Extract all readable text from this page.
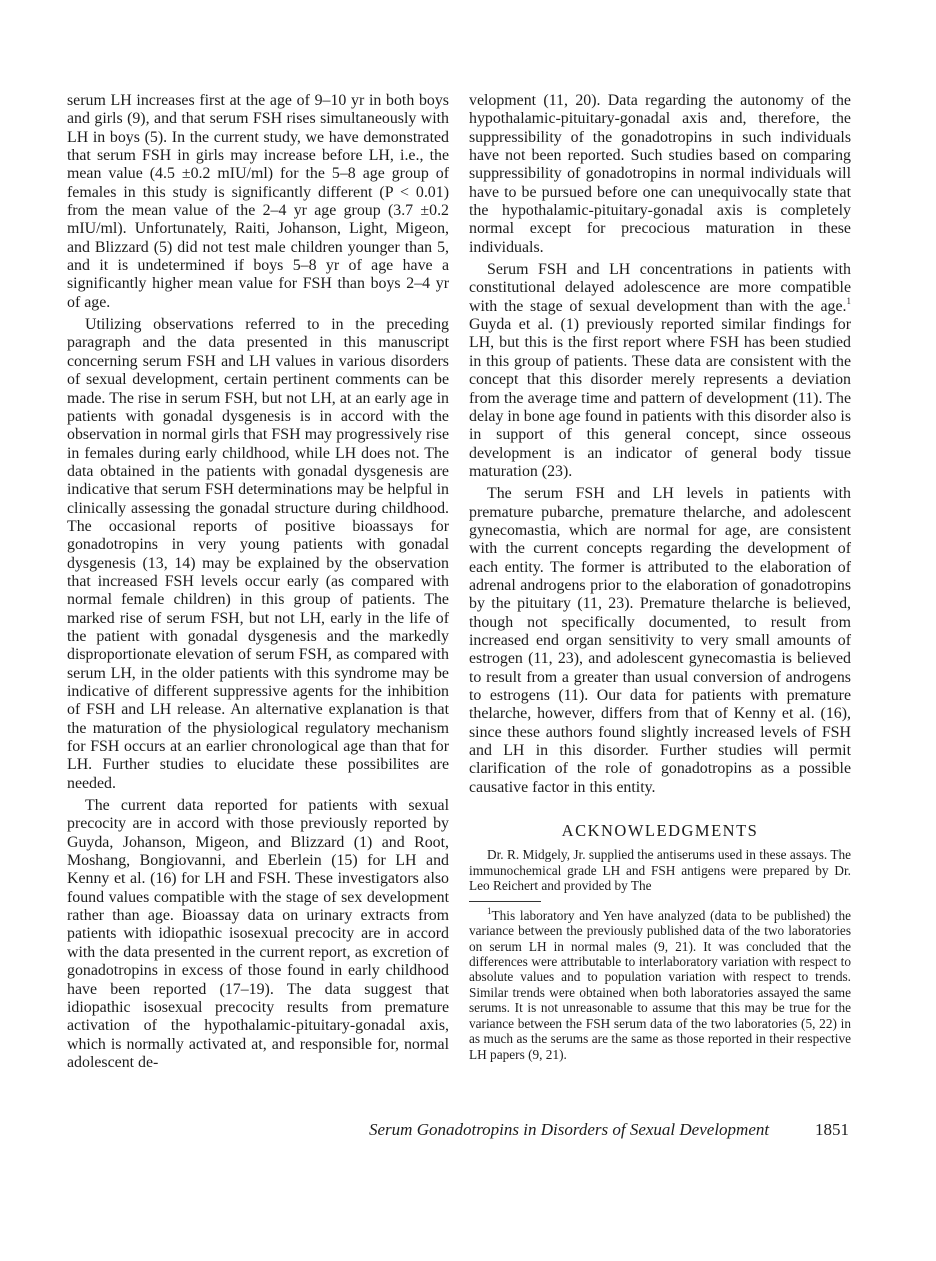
serum LH increases first at the age of 9–10 yr in both boys and girls (9), and that serum FSH rises simultaneously with LH in boys (5). In the current study, we have demonstrated that serum FSH in girls may increase before LH, i.e., the mean value (4.5 ±0.2 mIU/ml) for the 5–8 age group of females in this study is significantly different (P < 0.01) from the mean value of the 2–4 yr age group (3.7 ±0.2 mIU/ml). Unfortunately, Raiti, Johanson, Light, Migeon, and Blizzard (5) did not test male children younger than 5, and it is undetermined if boys 5–8 yr of age have a significantly higher mean value for FSH than boys 2–4 yr of age.

Utilizing observations referred to in the preceding paragraph and the data presented in this manuscript concerning serum FSH and LH values in various disorders of sexual development, certain pertinent comments can be made. The rise in serum FSH, but not LH, at an early age in patients with gonadal dysgenesis is in accord with the observation in normal girls that FSH may progressively rise in females during early childhood, while LH does not. The data obtained in the patients with gonadal dysgenesis are indicative that serum FSH determinations may be helpful in clinically assessing the gonadal structure during childhood. The occasional reports of positive bioassays for gonadotropins in very young patients with gonadal dysgenesis (13, 14) may be explained by the observation that increased FSH levels occur early (as compared with normal female children) in this group of patients. The marked rise of serum FSH, but not LH, early in the life of the patient with gonadal dysgenesis and the markedly disproportionate elevation of serum FSH, as compared with serum LH, in the older patients with this syndrome may be indicative of different suppressive agents for the inhibition of FSH and LH release. An alternative explanation is that the maturation of the physiological regulatory mechanism for FSH occurs at an earlier chronological age than that for LH. Further studies to elucidate these possibilites are needed.

The current data reported for patients with sexual precocity are in accord with those previously reported by Guyda, Johanson, Migeon, and Blizzard (1) and Root, Moshang, Bongiovanni, and Eberlein (15) for LH and Kenny et al. (16) for LH and FSH. These investigators also found values compatible with the stage of sex development rather than age. Bioassay data on urinary extracts from patients with idiopathic isosexual precocity are in accord with the data presented in the current report, as excretion of gonadotropins in excess of those found in early childhood have been reported (17–19). The data suggest that idiopathic isosexual precocity results from premature activation of the hypothalamic-pituitary-gonadal axis, which is normally activated at, and responsible for, normal adolescent de-

velopment (11, 20). Data regarding the autonomy of the hypothalamic-pituitary-gonadal axis and, therefore, the suppressibility of the gonadotropins in such individuals have not been reported. Such studies based on comparing suppressibility of gonadotropins in normal individuals will have to be pursued before one can unequivocally state that the hypothalamic-pituitary-gonadal axis is completely normal except for precocious maturation in these individuals.

Serum FSH and LH concentrations in patients with constitutional delayed adolescence are more compatible with the stage of sexual development than with the age.$^1$ Guyda et al. (1) previously reported similar findings for LH, but this is the first report where FSH has been studied in this group of patients. These data are consistent with the concept that this disorder merely represents a deviation from the average time and pattern of development (11). The delay in bone age found in patients with this disorder also is in support of this general concept, since osseous development is an indicator of general body tissue maturation (23).

The serum FSH and LH levels in patients with premature pubarche, premature thelarche, and adolescent gynecomastia, which are normal for age, are consistent with the current concepts regarding the development of each entity. The former is attributed to the elaboration of adrenal androgens prior to the elaboration of gonadotropins by the pituitary (11, 23). Premature thelarche is believed, though not specifically documented, to result from increased end organ sensitivity to very small amounts of estrogen (11, 23), and adolescent gynecomastia is believed to result from a greater than usual conversion of androgens to estrogens (11). Our data for patients with premature thelarche, however, differs from that of Kenny et al. (16), since these authors found slightly increased levels of FSH and LH in this disorder. Further studies will permit clarification of the role of gonadotropins as a possible causative factor in this entity.

ACKNOWLEDGMENTS

Dr. R. Midgely, Jr. supplied the antiserums used in these assays. The immunochemical grade LH and FSH antigens were prepared by Dr. Leo Reichert and provided by The

$^1$This laboratory and Yen have analyzed (data to be published) the variance between the previously published data of the two laboratories on serum LH in normal males (9, 21). It was concluded that the differences were attributable to interlaboratory variation with respect to absolute values and to population variation with respect to trends. Similar trends were obtained when both laboratories assayed the same serums. It is not unreasonable to assume that this may be true for the variance between the FSH serum data of the two laboratories (5, 22) in as much as the serums are the same as those reported in their respective LH papers (9, 21).

Serum Gonadotropins in Disorders of Sexual Development	1851
